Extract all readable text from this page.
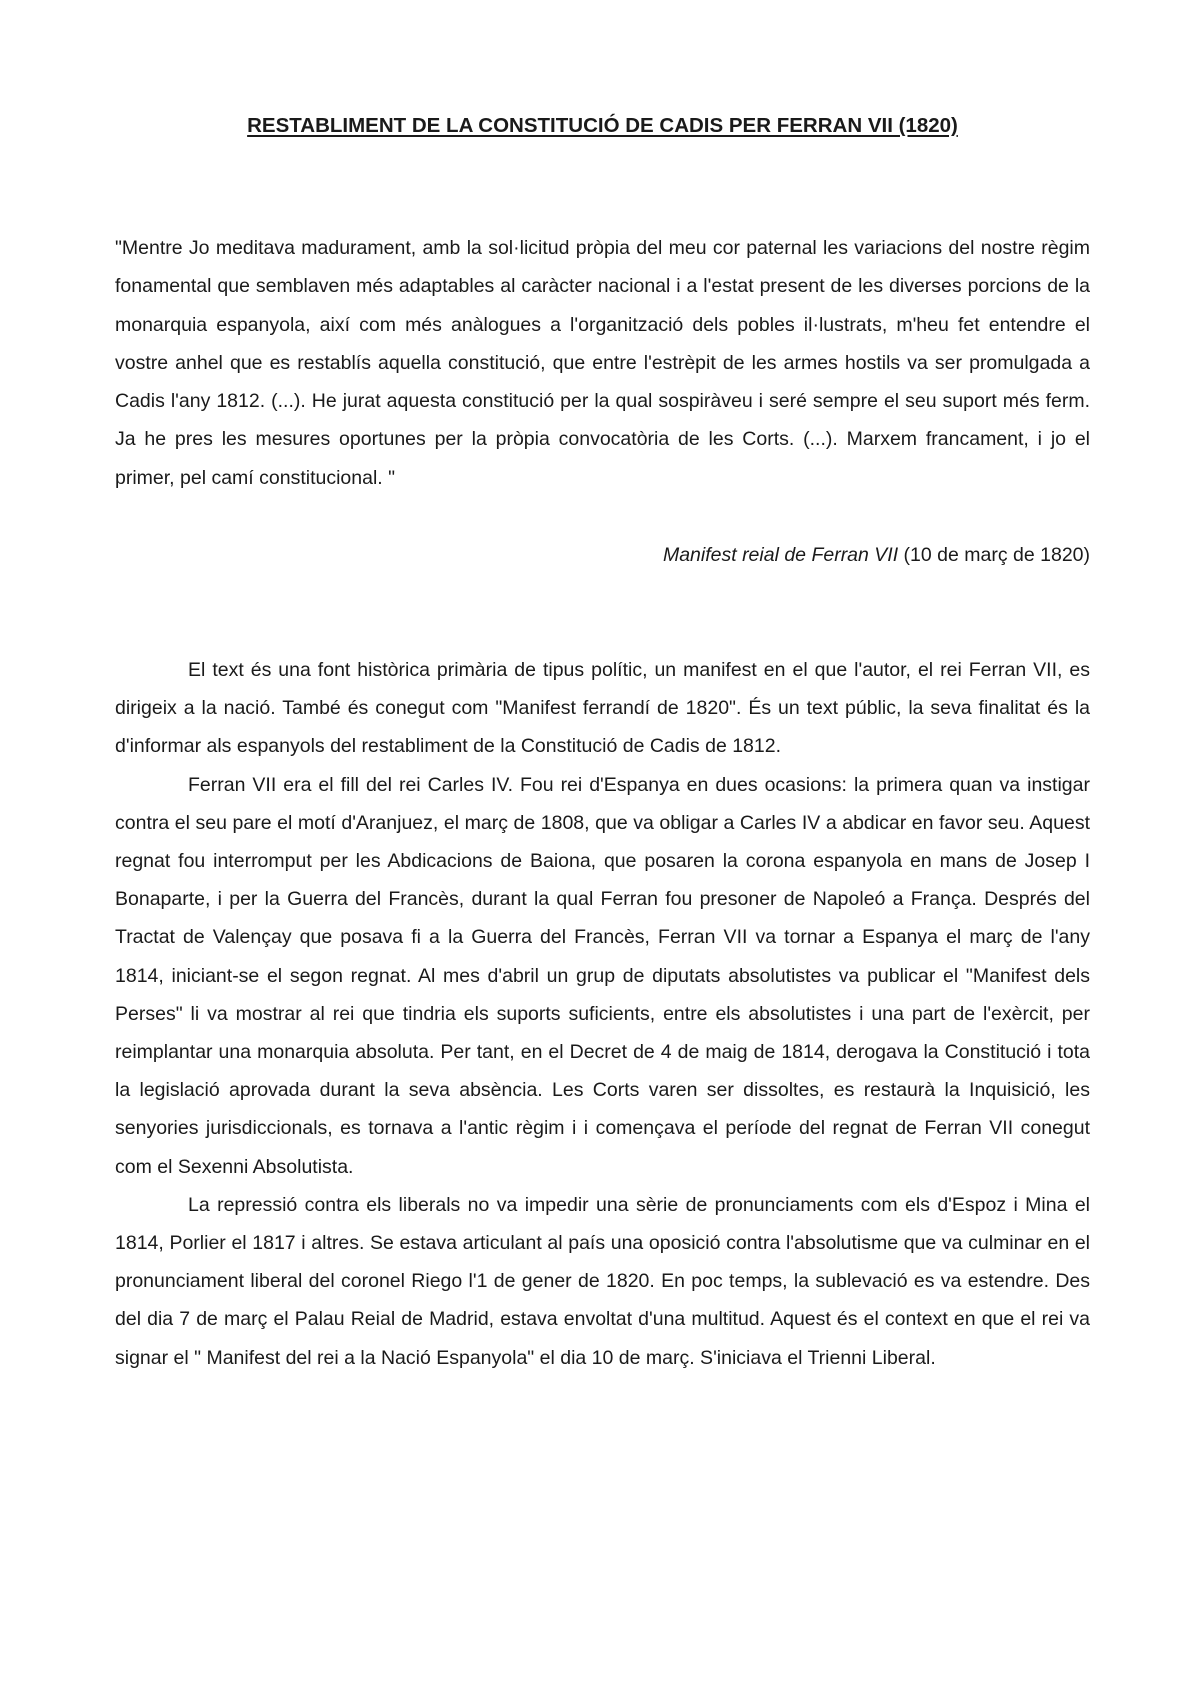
RESTABLIMENT DE LA CONSTITUCIÓ DE CADIS PER FERRAN VII (1820)

"Mentre Jo meditava madurament, amb la sol·licitud pròpia del meu cor paternal les variacions del nostre règim fonamental que semblaven més adaptables al caràcter nacional i a l'estat present de les diverses porcions de la monarquia espanyola, així com més anàlogues a l'organització dels pobles il·lustrats, m'heu fet entendre el vostre anhel que es restablís aquella constitució, que entre l'estrèpit de les armes hostils va ser promulgada a Cadis l'any 1812. (...). He jurat aquesta constitució per la qual sospiràveu i seré sempre el seu suport més ferm. Ja he pres les mesures oportunes per la pròpia convocatòria de les Corts. (...). Marxem francament, i jo el primer, pel camí constitucional. "

Manifest reial de Ferran VII (10 de març de 1820)

El text és una font històrica primària de tipus polític, un manifest en el que l'autor, el rei Ferran VII, es dirigeix a la nació. També és conegut com "Manifest ferrandí de 1820". És un text públic, la seva finalitat és la d'informar als espanyols del restabliment de la Constitució de Cadis de 1812.

Ferran VII era el fill del rei Carles IV. Fou rei d'Espanya en dues ocasions: la primera quan va instigar contra el seu pare el motí d'Aranjuez, el març de 1808, que va obligar a Carles IV a abdicar en favor seu. Aquest regnat fou interromput per les Abdicacions de Baiona, que posaren la corona espanyola en mans de Josep I Bonaparte, i per la Guerra del Francès, durant la qual Ferran fou presoner de Napoleó a França. Després del Tractat de Valençay que posava fi a la Guerra del Francès, Ferran VII va tornar a Espanya el març de l'any 1814, iniciant-se el segon regnat. Al mes d'abril un grup de diputats absolutistes va publicar el "Manifest dels Perses" li va mostrar al rei que tindria els suports suficients, entre els absolutistes i una part de l'exèrcit, per reimplantar una monarquia absoluta. Per tant, en el Decret de 4 de maig de 1814, derogava la Constitució i tota la legislació aprovada durant la seva absència. Les Corts varen ser dissoltes, es restaurà la Inquisició, les senyories jurisdiccionals, es tornava a l'antic règim i i començava el període del regnat de Ferran VII conegut com el Sexenni Absolutista.

La repressió contra els liberals no va impedir una sèrie de pronunciaments com els d'Espoz i Mina el 1814, Porlier el 1817 i altres. Se estava articulant al país una oposició contra l'absolutisme que va culminar en el pronunciament liberal del coronel Riego l'1 de gener de 1820. En poc temps, la sublevació es va estendre. Des del dia 7 de març el Palau Reial de Madrid, estava envoltat d'una multitud. Aquest és el context en que el rei va signar el " Manifest del rei a la Nació Espanyola" el dia 10 de març. S'iniciava el Trienni Liberal.
